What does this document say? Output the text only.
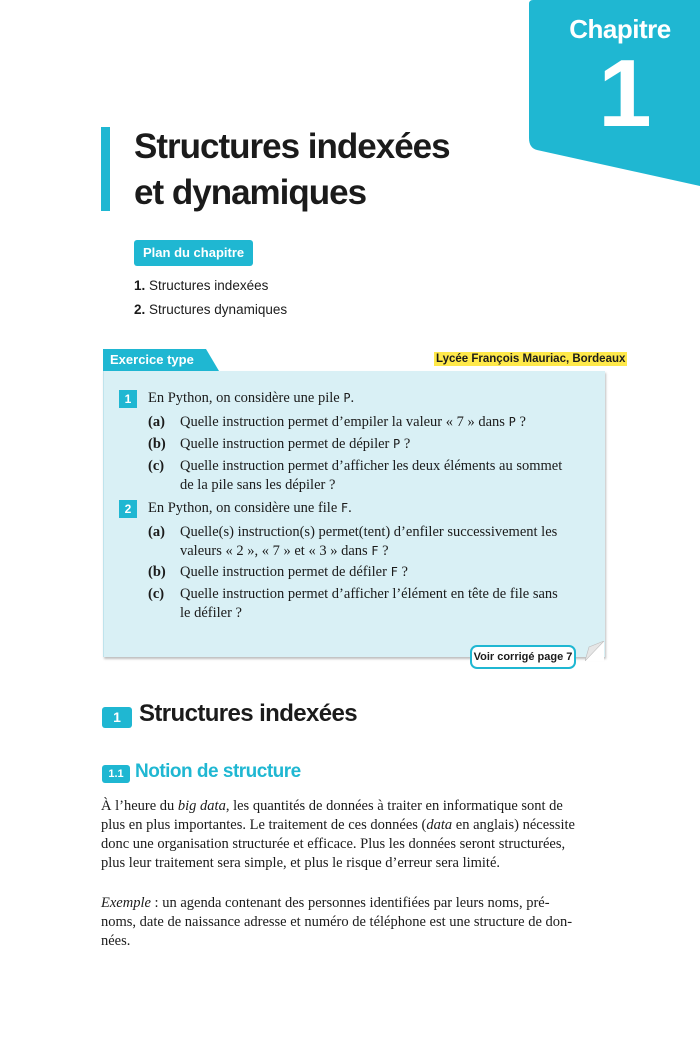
Chapitre
1
Structures indexées
et dynamiques
Plan du chapitre
1. Structures indexées
2. Structures dynamiques
Exercice type	Lycée François Mauriac, Bordeaux
1	En Python, on considère une pile P.
(a) Quelle instruction permet d’empiler la valeur « 7 » dans P ?
(b) Quelle instruction permet de dépiler P ?
(c) Quelle instruction permet d’afficher les deux éléments au sommet
de la pile sans les dépiler ?
2	En Python, on considère une file F.
(a) Quelle(s) instruction(s) permet(tent) d’enfiler successivement les
valeurs « 2 », « 7 » et « 3 » dans F ?
(b) Quelle instruction permet de défiler F ?
(c) Quelle instruction permet d’afficher l’élément en tête de file sans
le défiler ?
Voir corrigé page 7
1 Structures indexées
1.1 Notion de structure
À l’heure du big data, les quantités de données à traiter en informatique sont de
plus en plus importantes. Le traitement de ces données (data en anglais) nécessite
donc une organisation structurée et efficace. Plus les données seront structurées,
plus leur traitement sera simple, et plus le risque d’erreur sera limité.
Exemple : un agenda contenant des personnes identifiées par leurs noms, pré-
noms, date de naissance adresse et numéro de téléphone est une structure de don-
nées.
